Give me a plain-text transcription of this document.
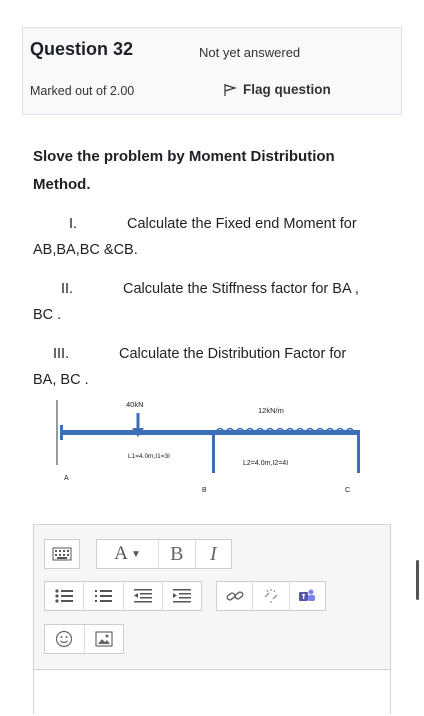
Question 32	Not yet answered
Marked out of 2.00	Flag question

Slove the problem by Moment Distribution

Method.

I.	Calculate the Fixed end Moment for

AB,BA,BC &CB.

II.	Calculate the Stiffness factor for BA ,

BC .

III.	Calculate the Distribution Factor for

BA, BC .

40kN
12kN/m
L1=4.0m,I1=3I
L2=4.0m,I2=4I
A
B	C
A ▼ B I
